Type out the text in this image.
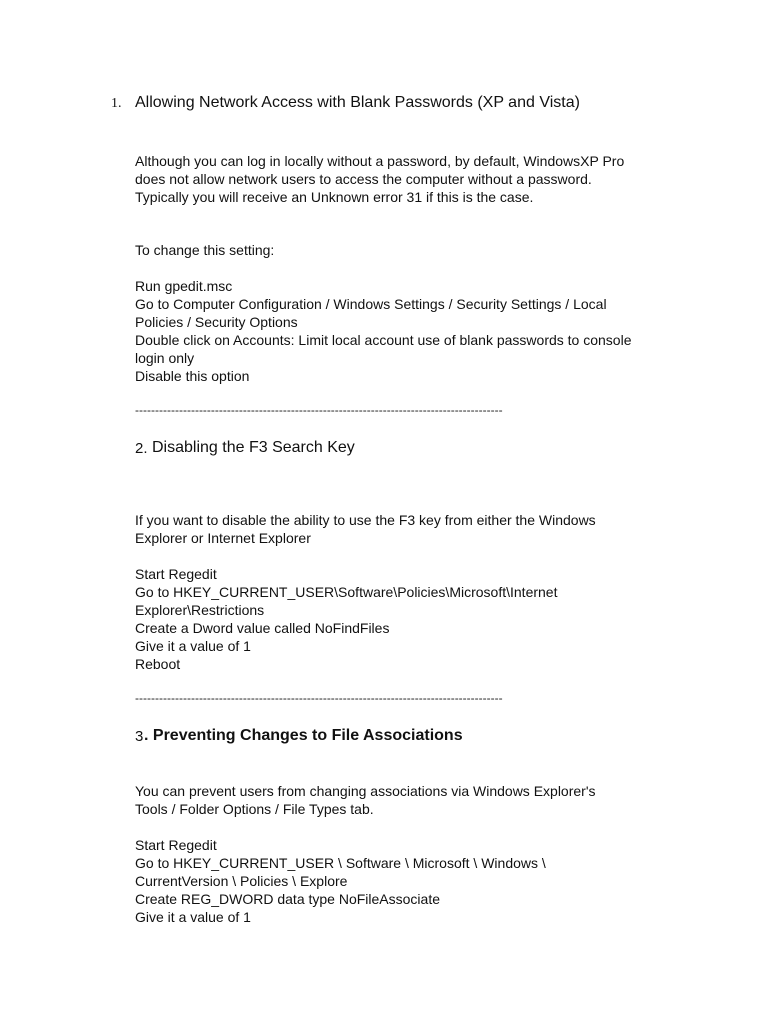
1. Allowing Network Access with Blank Passwords (XP and Vista)
Although you can log in locally without a password, by default, WindowsXP Pro
does not allow network users to access the computer without a password.
Typically you will receive an Unknown error 31 if this is the case.
To change this setting:
Run gpedit.msc
Go to Computer Configuration / Windows Settings / Security Settings / Local
Policies / Security Options
Double click on Accounts: Limit local account use of blank passwords to console
login only
Disable this option
--------------------------------------------------------------------------------------------
2. Disabling the F3 Search Key
If you want to disable the ability to use the F3 key from either the Windows
Explorer or Internet Explorer
Start Regedit
Go to HKEY_CURRENT_USER\Software\Policies\Microsoft\Internet
Explorer\Restrictions
Create a Dword value called NoFindFiles
Give it a value of 1
Reboot
--------------------------------------------------------------------------------------------
3 . Preventing Changes to File Associations
You can prevent users from changing associations via Windows Explorer's
Tools / Folder Options / File Types tab.
Start Regedit
Go to HKEY_CURRENT_USER \ Software \ Microsoft \ Windows \
CurrentVersion \ Policies \ Explore
Create REG_DWORD data type NoFileAssociate
Give it a value of 1
